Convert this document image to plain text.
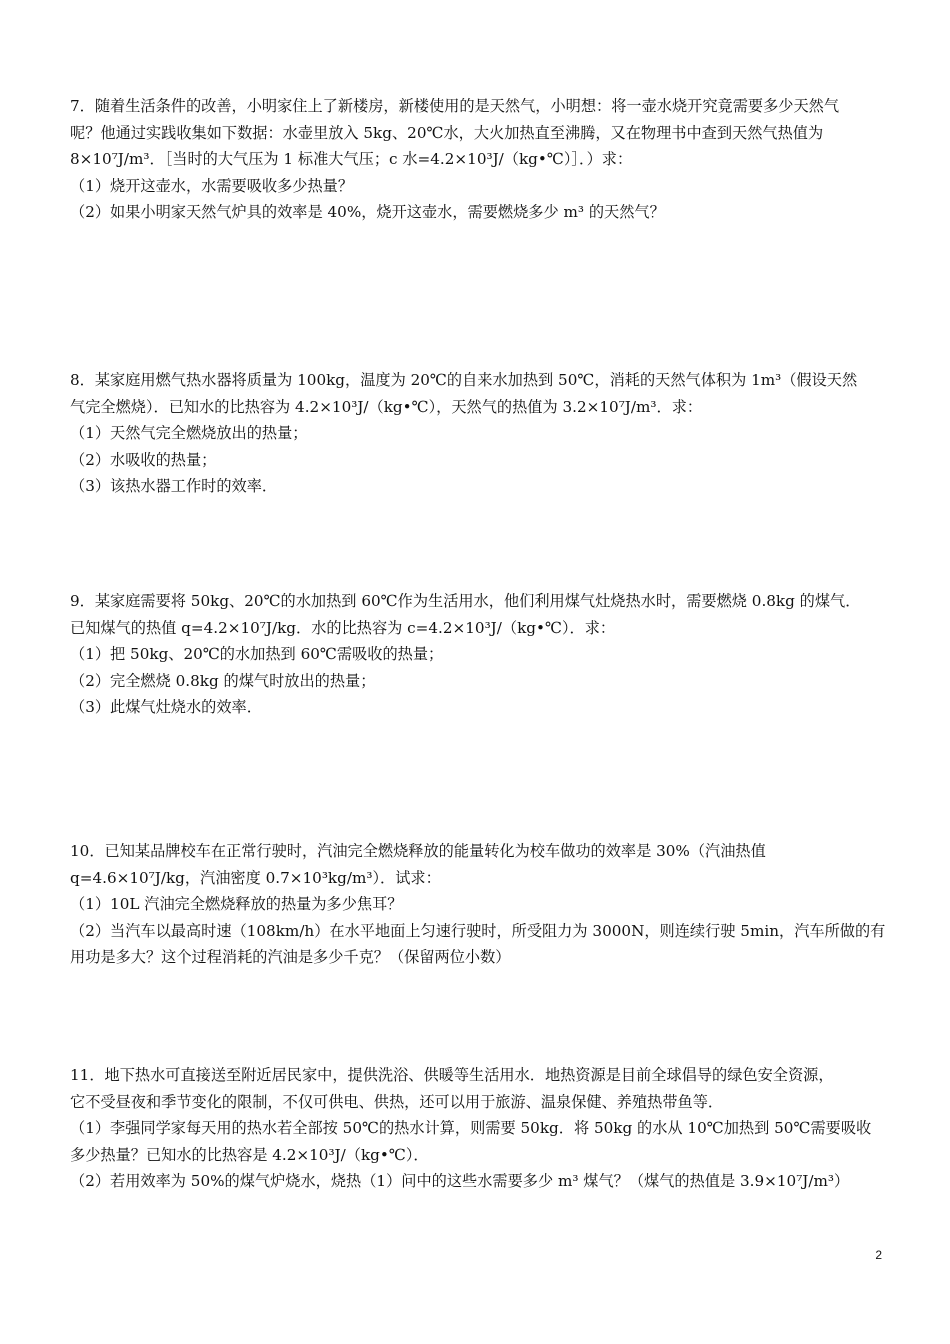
7．随着生活条件的改善，小明家住上了新楼房，新楼使用的是天然气，小明想：将一壶水烧开究竟需要多少天然气
呢？他通过实践收集如下数据：水壶里放入 5kg、20℃水，大火加热直至沸腾，又在物理书中查到天然气热值为
8×10⁷J/m³．［当时的大气压为 1 标准大气压；c 水=4.2×10³J/（kg•℃）］．）求：
（1）烧开这壶水，水需要吸收多少热量？
（2）如果小明家天然气炉具的效率是 40%，烧开这壶水，需要燃烧多少 m³ 的天然气？
8．某家庭用燃气热水器将质量为 100kg，温度为 20℃的自来水加热到 50℃，消耗的天然气体积为 1m³（假设天然
气完全燃烧）．已知水的比热容为 4.2×10³J/（kg•℃），天然气的热值为 3.2×10⁷J/m³．求：
（1）天然气完全燃烧放出的热量；
（2）水吸收的热量；
（3）该热水器工作时的效率．
9．某家庭需要将 50kg、20℃的水加热到 60℃作为生活用水，他们利用煤气灶烧热水时，需要燃烧 0.8kg 的煤气．
已知煤气的热值 q=4.2×10⁷J/kg．水的比热容为 c=4.2×10³J/（kg•℃）．求：
（1）把 50kg、20℃的水加热到 60℃需吸收的热量；
（2）完全燃烧 0.8kg 的煤气时放出的热量；
（3）此煤气灶烧水的效率．
10．已知某品牌校车在正常行驶时，汽油完全燃烧释放的能量转化为校车做功的效率是 30%（汽油热值
q=4.6×10⁷J/kg，汽油密度 0.7×10³kg/m³）．试求：
（1）10L 汽油完全燃烧释放的热量为多少焦耳？
（2）当汽车以最高时速（108km/h）在水平地面上匀速行驶时，所受阻力为 3000N，则连续行驶 5min，汽车所做的有
用功是多大？这个过程消耗的汽油是多少千克？（保留两位小数）
11．地下热水可直接送至附近居民家中，提供洗浴、供暖等生活用水．地热资源是目前全球倡导的绿色安全资源，
它不受昼夜和季节变化的限制，不仅可供电、供热，还可以用于旅游、温泉保健、养殖热带鱼等．
（1）李强同学家每天用的热水若全部按 50℃的热水计算，则需要 50kg．将 50kg 的水从 10℃加热到 50℃需要吸收
多少热量？已知水的比热容是 4.2×10³J/（kg•℃）．
（2）若用效率为 50%的煤气炉烧水，烧热（1）问中的这些水需要多少 m³ 煤气？（煤气的热值是 3.9×10⁷J/m³）
2
